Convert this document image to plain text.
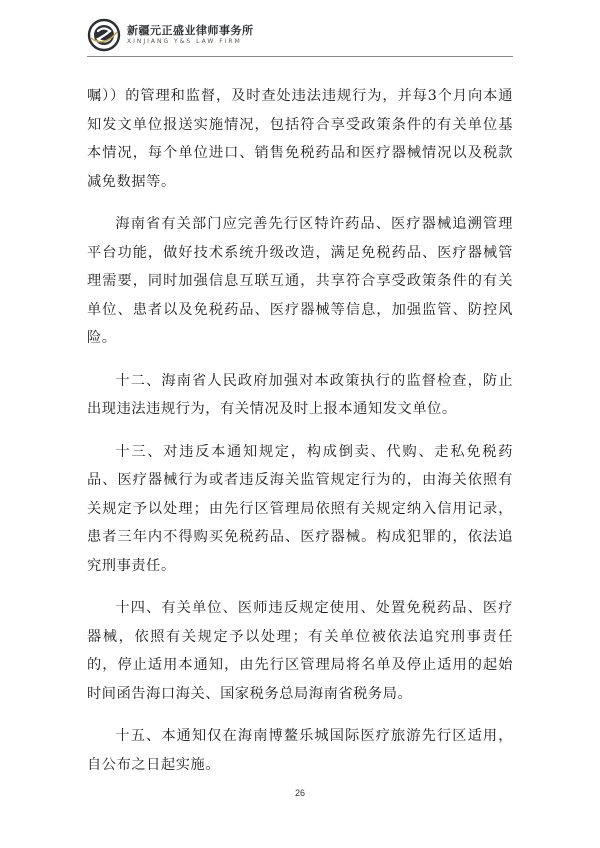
新疆元正盛业律师事务所
XINJIANG Y&S LAW FIRM

嘱））的管理和监督，及时查处违法违规行为，并每3个月向本通知发文单位报送实施情况，包括符合享受政策条件的有关单位基本情况，每个单位进口、销售免税药品和医疗器械情况以及税款减免数据等。

海南省有关部门应完善先行区特许药品、医疗器械追溯管理平台功能，做好技术系统升级改造，满足免税药品、医疗器械管理需要，同时加强信息互联互通，共享符合享受政策条件的有关单位、患者以及免税药品、医疗器械等信息，加强监管、防控风险。

十二、海南省人民政府加强对本政策执行的监督检查，防止出现违法违规行为，有关情况及时上报本通知发文单位。

十三、对违反本通知规定，构成倒卖、代购、走私免税药品、医疗器械行为或者违反海关监管规定行为的，由海关依照有关规定予以处理；由先行区管理局依照有关规定纳入信用记录，患者三年内不得购买免税药品、医疗器械。构成犯罪的，依法追究刑事责任。

十四、有关单位、医师违反规定使用、处置免税药品、医疗器械，依照有关规定予以处理；有关单位被依法追究刑事责任的，停止适用本通知，由先行区管理局将名单及停止适用的起始时间函告海口海关、国家税务总局海南省税务局。

十五、本通知仅在海南博鳌乐城国际医疗旅游先行区适用，自公布之日起实施。

26
